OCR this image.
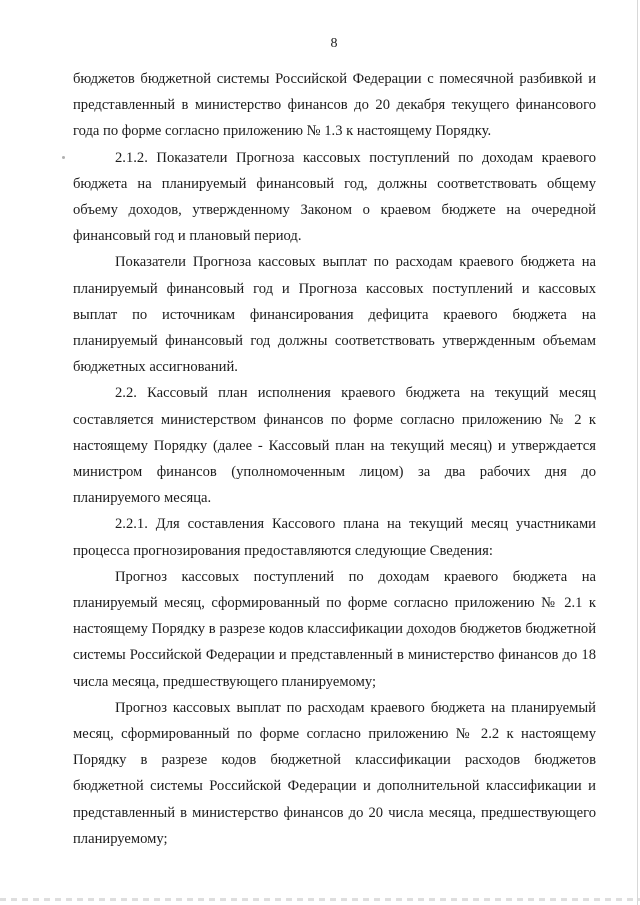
8

бюджетов бюджетной системы Российской Федерации с помесячной разбивкой и представленный в министерство финансов до 20 декабря текущего финансового года по форме согласно приложению № 1.3 к настоящему Порядку.

2.1.2. Показатели Прогноза кассовых поступлений по доходам краевого бюджета на планируемый финансовый год, должны соответствовать общему объему доходов, утвержденному Законом о краевом бюджете на очередной финансовый год и плановый период.

Показатели Прогноза кассовых выплат по расходам краевого бюджета на планируемый финансовый год и Прогноза кассовых поступлений и кассовых выплат по источникам финансирования дефицита краевого бюджета на планируемый финансовый год должны соответствовать утвержденным объемам бюджетных ассигнований.

2.2. Кассовый план исполнения краевого бюджета на текущий месяц составляется министерством финансов по форме согласно приложению № 2 к настоящему Порядку (далее - Кассовый план на текущий месяц) и утверждается министром финансов (уполномоченным лицом) за два рабочих дня до планируемого месяца.

2.2.1. Для составления Кассового плана на текущий месяц участниками процесса прогнозирования предоставляются следующие Сведения:

Прогноз кассовых поступлений по доходам краевого бюджета на планируемый месяц, сформированный по форме согласно приложению № 2.1 к настоящему Порядку в разрезе кодов классификации доходов бюджетов бюджетной системы Российской Федерации и представленный в министерство финансов до 18 числа месяца, предшествующего планируемому;

Прогноз кассовых выплат по расходам краевого бюджета на планируемый месяц, сформированный по форме согласно приложению № 2.2 к настоящему Порядку в разрезе кодов бюджетной классификации расходов бюджетов бюджетной системы Российской Федерации и дополнительной классификации и представленный в министерство финансов до 20 числа месяца, предшествующего планируемому;
